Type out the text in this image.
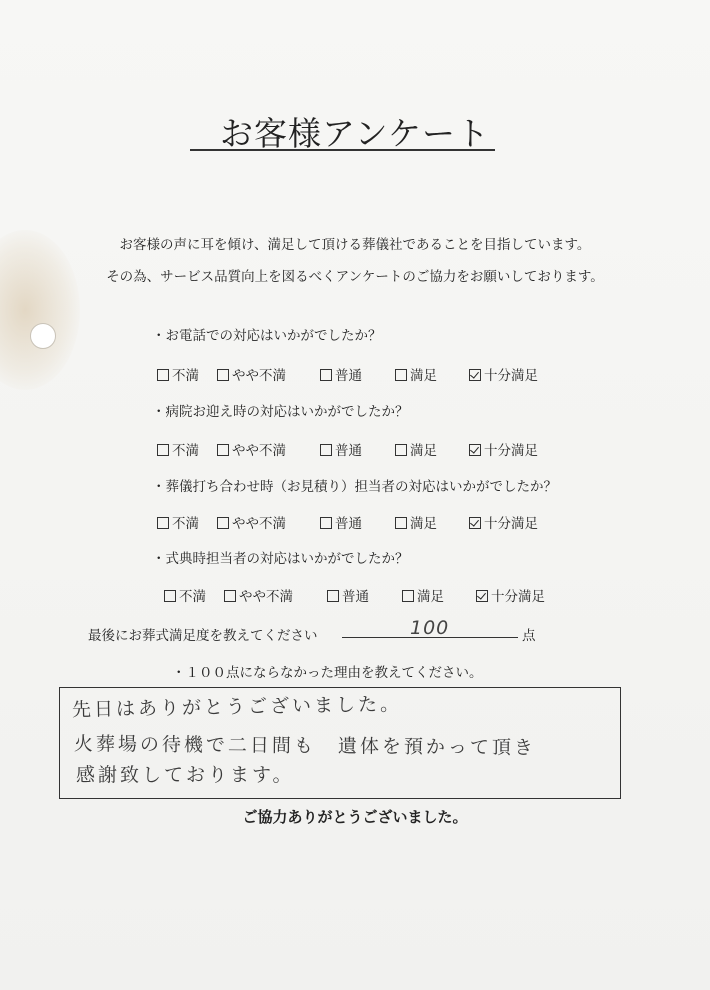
お客様アンケート
お客様の声に耳を傾け、満足して頂ける葬儀社であることを目指しています。
その為、サービス品質向上を図るべくアンケートのご協力をお願いしております。
・お電話での対応はいかがでしたか？
不満	やや不満	普通	満足	十分満足
・病院お迎え時の対応はいかがでしたか？
不満	やや不満	普通	満足	十分満足
・葬儀打ち合わせ時（お見積り）担当者の対応はいかがでしたか？
不満	やや不満	普通	満足	十分満足
・式典時担当者の対応はいかがでしたか？
不満	やや不満	普通	満足	十分満足
最後にお葬式満足度を教えてください	100	点
・１００点にならなかった理由を教えてください。
先日はありがとうございました。
火葬場の待機で二日間も　遺体を預かって頂き
感謝致しております。
ご協力ありがとうございました。
